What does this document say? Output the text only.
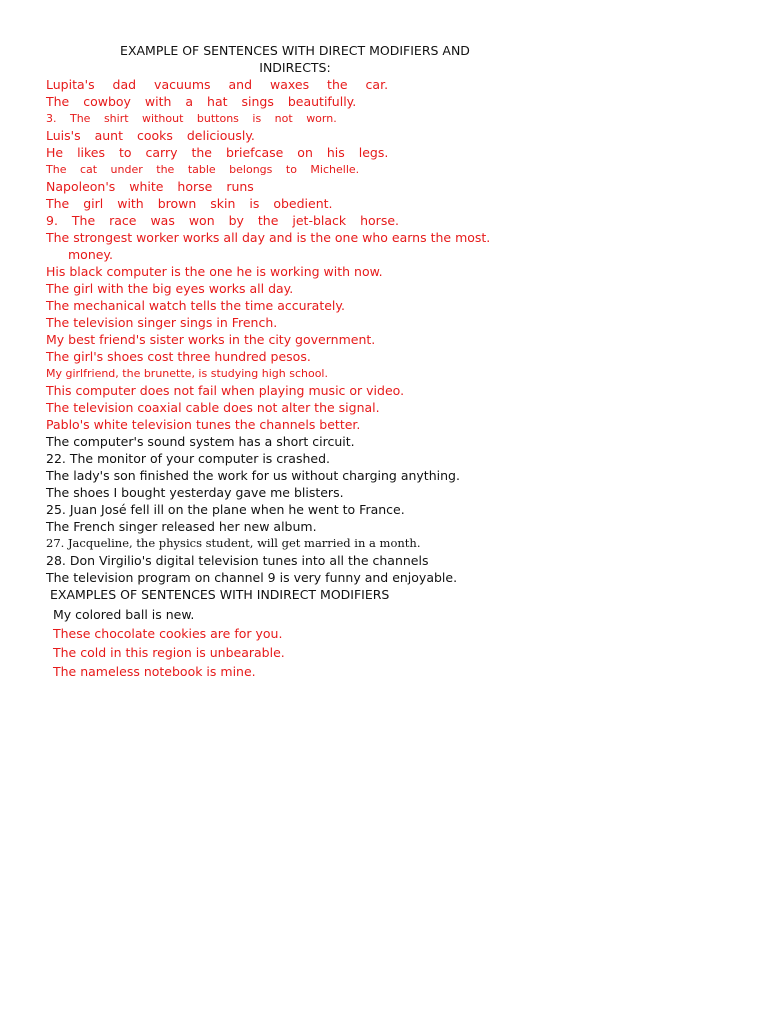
EXAMPLE OF SENTENCES WITH DIRECT MODIFIERS AND

INDIRECTS:

Lupita's dad vacuums and waxes the car.

The cowboy with a hat sings beautifully.

3. The shirt without buttons is not worn.

Luis's aunt cooks deliciously.

He likes to carry the briefcase on his legs.

The cat under the table belongs to Michelle.

Napoleon's white horse runs

The girl with brown skin is obedient.

9. The race was won by the jet-black horse.

The strongest worker works all day and is the one who earns the most.

money.

His black computer is the one he is working with now.

The girl with the big eyes works all day.

The mechanical watch tells the time accurately.

The television singer sings in French.

My best friend's sister works in the city government.

The girl's shoes cost three hundred pesos.

My girlfriend, the brunette, is studying high school.

This computer does not fail when playing music or video.

The television coaxial cable does not alter the signal.

Pablo's white television tunes the channels better.

The computer's sound system has a short circuit.

22. The monitor of your computer is crashed.

The lady's son finished the work for us without charging anything.

The shoes I bought yesterday gave me blisters.

25. Juan José fell ill on the plane when he went to France.

The French singer released her new album.

27. Jacqueline, the physics student, will get married in a month.

28. Don Virgilio's digital television tunes into all the channels

The television program on channel 9 is very funny and enjoyable.

EXAMPLES OF SENTENCES WITH INDIRECT MODIFIERS

My colored ball is new.

These chocolate cookies are for you.

The cold in this region is unbearable.

The nameless notebook is mine.
